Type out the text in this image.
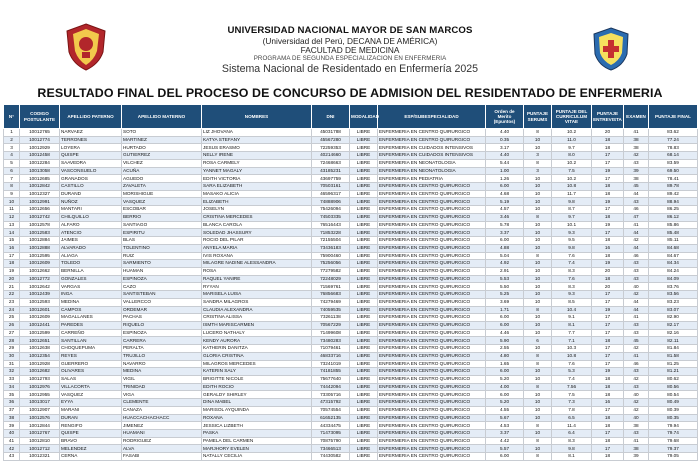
UNIVERSIDAD NACIONAL MAYOR DE SAN MARCOS
(Universidad del Perú, DECANA DE AMÉRICA)
FACULTAD DE MEDICINA
PROGRAMA DE SEGUNDA ESPECIALIZACION EN ENFERMERIA
Sistema Nacional de Residentado en Enfermería 2025
RESULTADO FINAL DEL PROCESO DE CONCURSO DE ADMISION DEL RESIDENTADO DE ENFERMERIA
N°	CODIGO POSTULANTE	APELLIDO PATERNO	APELLIDO MATERNO	NOMBRES	DNI	MODALIDAD	ESP/SUBESPECIALIDAD	Orden de Merito (Epuntos)	PUNTAJE SERUMS	PUNTAJE DEL CURRICULUM VITAE	PUNTAJE ENTREVISTA	EXAMEN	PUNTAJE FINAL
1	10012765	NARVAEZ	SOTO	LIZ JHOVANA	45031788	LIBRE	ENFERMERIA EN CENTRO QUIRURGICO	4.40	8	10.2	20	41	83.62
2	10012774	TERRONES	MARTINEZ	KATYA STEFANY	45567280	LIBRE	ENFERMERIA EN CENTRO QUIRURGICO	0.35	10	11.0	18	38	77.24
3	10012929	LOYERA	HURTADO	JESUS ERASMO	72259353	LIBRE	ENFERMERIA EN CUIDADOS INTENSIVOS	3.17	10	9.7	18	38	78.83
4	10012458	QUISPE	GUTIERREZ	NELLY IRENE	40214660	LIBRE	ENFERMERIA EN CUIDADOS INTENSIVOS	4.40	3	8.0	17	42	68.14
5	10012284	SAAVEDRA	VILCHEZ	ROSA CARMELY	72468663	LIBRE	ENFERMERIA EN NEONATOLOGIA	5.44	8	10.2	17	43	83.59
6	10013058	VASCONSUELO	ACUÑA	YANNET MAGALY	43185231	LIBRE	ENFERMERIA EN NEONATOLOGIA	1.00	3	7.5	19	39	69.50
7	10012685	GRANADOS	AGUEDO	EDITH VICTORIA	43697759	LIBRE	ENFERMERIA EN PEDIATRIA	1.26	10	10.2	17	38	78.41
8	10012842	CASTILLO	ZAVALETA	SARA ELIZABETH	70503161	LIBRE	ENFERMERIA EN CENTRO QUIRURGICO	6.00	10	10.8	18	45	89.78
9	10012327	DURAND	MORISHIGUE	MASAKO ALICIA	46596317	LIBRE	ENFERMERIA EN CENTRO QUIRURGICO	4.68	10	11.7	18	44	89.42
10	10012991	NUÑOZ	VASQUEZ	ELIZABETH	74888906	LIBRE	ENFERMERIA EN CENTRO QUIRURGICO	5.19	10	9.8	19	43	88.94
11	10012656	MANTARI	ESCOBAR	JOSELYN	75426094	LIBRE	ENFERMERIA EN CENTRO QUIRURGICO	4.57	10	8.7	17	46	86.25
12	10012742	CHILQUILLO	BERRIO	CRISTINA MERCEDES	74503335	LIBRE	ENFERMERIA EN CENTRO QUIRURGICO	3.46	8	9.7	18	47	86.12
13	10012578	ALFARO	SANTIAGO	BLANCA CAROLA	76516443	LIBRE	ENFERMERIA EN CENTRO QUIRURGICO	5.78	10	10.1	19	41	85.86
14	10012583	ATENCIO	ESPIRITU	SOLEDAD JHASSURY	71853228	LIBRE	ENFERMERIA EN CENTRO QUIRURGICO	3.37	10	9.3	17	44	85.48
15	10012884	JAIMES	BLAS	ROCIO DEL PILAR	72155504	LIBRE	ENFERMERIA EN CENTRO QUIRURGICO	6.00	10	9.5	18	42	85.11
16	10012888	ALVARADO	TOLENTINO	ANYELA MARIA	73436183	LIBRE	ENFERMERIA EN CENTRO QUIRURGICO	4.88	10	9.8	16	44	84.68
17	10012595	ALIAGA	RUIZ	IVIS ROXANA	75900460	LIBRE	ENFERMERIA EN CENTRO QUIRURGICO	5.04	8	7.6	18	46	84.67
18	10012609	TOLEDO	SARMIENTO	MILAGRE NADINE ALESSANDRA	75256056	LIBRE	ENFERMERIA EN CENTRO QUIRURGICO	4.92	10	7.4	19	43	84.34
19	10012662	BERNILLA	HUAMAN	ROSA	77279582	LIBRE	ENFERMERIA EN CENTRO QUIRURGICO	2.91	10	8.3	20	43	84.24
20	10012772	GONZALES	ESPINOZA	RAQUEL YANIRE	72248029	LIBRE	ENFERMERIA EN CENTRO QUIRURGICO	5.53	10	7.6	18	43	84.09
21	10012642	VARGAS	CAZO	RYYAN	71569761	LIBRE	ENFERMERIA EN CENTRO QUIRURGICO	5.50	10	8.3	20	40	83.76
22	10012439	INGA	SANTISTEBAN	MARISELA LUISA	76856683	LIBRE	ENFERMERIA EN CENTRO QUIRURGICO	5.25	10	9.3	17	42	83.56
23	10012593	MEDINA	VALLERCCO	SANDRA MILAGROS	74279469	LIBRE	ENFERMERIA EN CENTRO QUIRURGICO	3.69	10	8.5	17	44	83.23
24	10012601	CAMPOS	ORDEMAR	CLAUDIA ALEXANDRA	74059535	LIBRE	ENFERMERIA EN CENTRO QUIRURGICO	1.71	8	10.4	19	44	83.07
25	10012609	MAGALLANES	PACHAS	CRISTINA ALISSA	73261138	LIBRE	ENFERMERIA EN CENTRO QUIRURGICO	6.00	10	9.1	17	41	82.90
26	10012441	PAREDES	RIQUELO	ISMTH MARISCARMEN	70567229	LIBRE	ENFERMERIA EN CENTRO QUIRURGICO	6.00	10	8.1	17	43	82.17
27	10012599	CARREÑO	ESPINOZA	LUCERO NATHALY	71499608	LIBRE	ENFERMERIA EN CENTRO QUIRURGICO	4.46	10	7.7	17	43	82.16
28	10012651	SANTILLAN	CARRERA	KENDY AURORA	73480283	LIBRE	ENFERMERIA EN CENTRO QUIRURGICO	5.90	6	7.1	18	45	82.11
29	10012638	CHOQUEPUMA	PERALTA	KATHERIN DANITZA	71079461	LIBRE	ENFERMERIA EN CENTRO QUIRURGICO	2.55	10	10.3	17	42	81.84
30	10012354	REYES	TRUJILLO	GLORIA CRISTINA	46833716	LIBRE	ENFERMERIA EN CENTRO QUIRURGICO	4.80	8	10.8	17	41	81.58
31	10012928	GUERRERO	NAVARRO	MILAGROS MERCEDES	73241019	LIBRE	ENFERMERIA EN CENTRO QUIRURGICO	1.65	8	7.6	17	46	81.25
32	10012682	OLIVARES	MEDINA	KATERIN SALY	74181855	LIBRE	ENFERMERIA EN CENTRO QUIRURGICO	6.00	10	5.3	19	43	81.21
33	10012793	SALAS	VIGIL	BRIGITTE NICOLE	75677640	LIBRE	ENFERMERIA EN CENTRO QUIRURGICO	5.20	10	7.4	18	42	80.62
34	10012976	VILLACORTA	TRINIDAD	EDITH ROCIO	74442094	LIBRE	ENFERMERIA EN CENTRO QUIRURGICO	4.00	8	7.56	18	43	80.56
35	10012955	VASQUEZ	VIGA	GERALDY SHIRLEY	73305716	LIBRE	ENFERMERIA EN CENTRO QUIRURGICO	6.00	10	7.5	18	40	80.54
36	10013017	EYYA	CLEMENTE	DINA MABEL	47315792	LIBRE	ENFERMERIA EN CENTRO QUIRURGICO	5.20	10	7.3	16	42	80.49
37	10012907	MARANI	CANAZA	MARISOL AYQUINDA	70574554	LIBRE	ENFERMERIA EN CENTRO QUIRURGICO	4.55	10	7.8	17	42	80.39
38	10012576	DURAN	HUACCACHACHACC	ROXANA	61652135	LIBRE	ENFERMERIA EN CENTRO QUIRURGICO	5.67	10	6.5	18	40	80.35
39	10012844	RENGIFO	JIMENEZ	JESSICA LIZBETH	44334475	LIBRE	ENFERMERIA EN CENTRO QUIRURGICO	4.53	8	11.4	18	38	79.94
40	10012767	QUISPE	HUAMANI	PASKA	71473095	LIBRE	ENFERMERIA EN CENTRO QUIRURGICO	3.37	10	6.4	17	43	79.74
41	10012810	BRAVO	RODRIGUEZ	PAMELA DEL CARMEN	70875790	LIBRE	ENFERMERIA EN CENTRO QUIRURGICO	4.42	8	8.3	18	41	79.68
42	10012712	MELENDEZ	ALVA	MARJHORY EVELEN	73466513	LIBRE	ENFERMERIA EN CENTRO QUIRURGICO	5.57	10	9.8	17	38	79.37
43	10012321	CERNA	FASABI	NATALLY CECILIA	74430582	LIBRE	ENFERMERIA EN CENTRO QUIRURGICO	6.00	8	8.1	18	39	79.05
